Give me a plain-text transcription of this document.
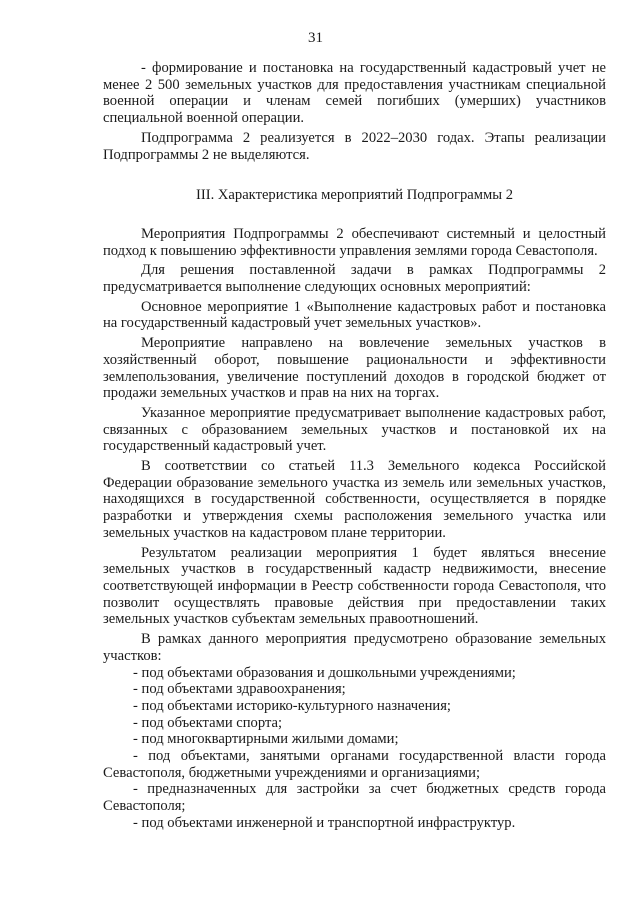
31

- формирование и постановка на государственный кадастровый учет не менее 2 500 земельных участков для предоставления участникам специальной военной операции и членам семей погибших (умерших) участников специальной военной операции.

Подпрограмма 2 реализуется в 2022–2030 годах. Этапы реализации Подпрограммы 2 не выделяются.

III. Характеристика мероприятий Подпрограммы 2

Мероприятия Подпрограммы 2 обеспечивают системный и целостный подход к повышению эффективности управления землями города Севастополя.

Для решения поставленной задачи в рамках Подпрограммы 2 предусматривается выполнение следующих основных мероприятий:

Основное мероприятие 1 «Выполнение кадастровых работ и постановка на государственный кадастровый учет земельных участков».

Мероприятие направлено на вовлечение земельных участков в хозяйственный оборот, повышение рациональности и эффективности землепользования, увеличение поступлений доходов в городской бюджет от продажи земельных участков и прав на них на торгах.

Указанное мероприятие предусматривает выполнение кадастровых работ, связанных с образованием земельных участков и постановкой их на государственный кадастровый учет.

В соответствии со статьей 11.3 Земельного кодекса Российской Федерации образование земельного участка из земель или земельных участков, находящихся в государственной собственности, осуществляется в порядке разработки и утверждения схемы расположения земельного участка или земельных участков на кадастровом плане территории.

Результатом реализации мероприятия 1 будет являться внесение земельных участков в государственный кадастр недвижимости, внесение соответствующей информации в Реестр собственности города Севастополя, что позволит осуществлять правовые действия при предоставлении таких земельных участков субъектам земельных правоотношений.

В рамках данного мероприятия предусмотрено образование земельных участков:

- под объектами образования и дошкольными учреждениями;

- под объектами здравоохранения;

- под объектами историко-культурного назначения;

- под объектами спорта;

- под многоквартирными жилыми домами;

- под объектами, занятыми органами государственной власти города Севастополя, бюджетными учреждениями и организациями;

- предназначенных для застройки за счет бюджетных средств города Севастополя;

- под объектами инженерной и транспортной инфраструктур.
